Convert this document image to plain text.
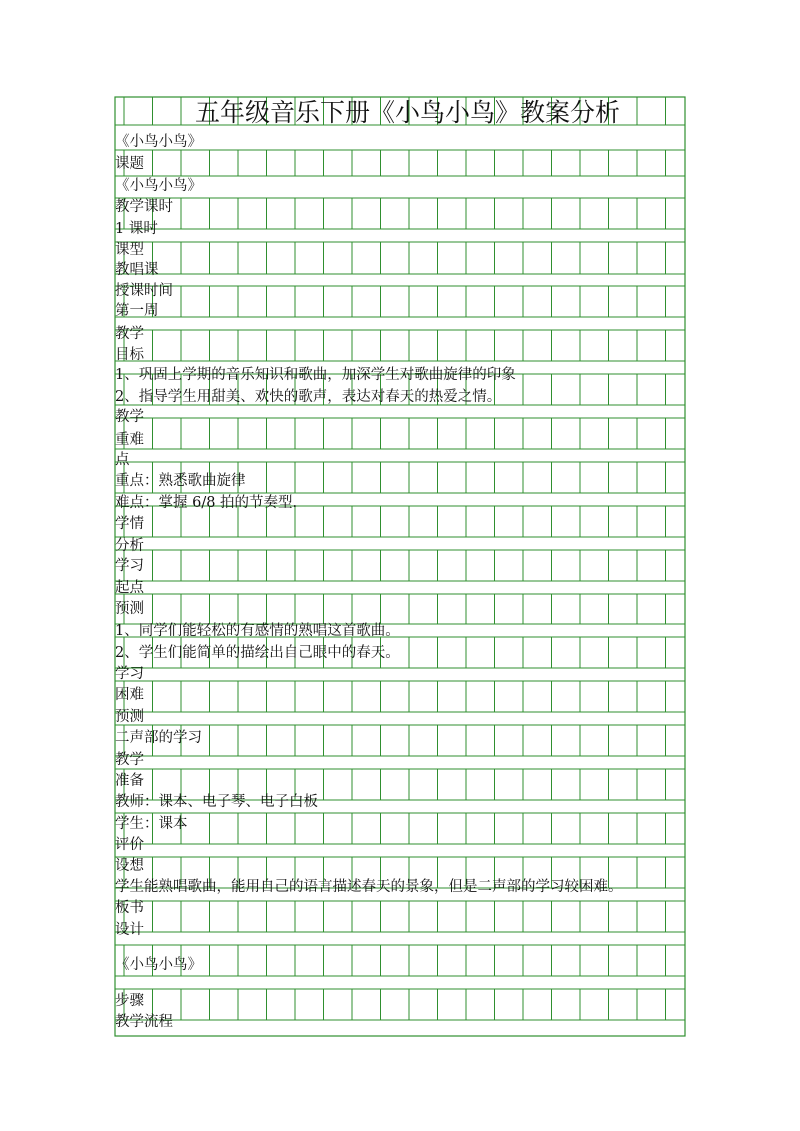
五年级音乐下册《小鸟小鸟》教案分析
《小鸟小鸟》
课题
《小鸟小鸟》
教学课时
1 课时
课型
教唱课
授课时间
第一周
教学
目标
1、巩固上学期的音乐知识和歌曲，加深学生对歌曲旋律的印象
2、指导学生用甜美、欢快的歌声，表达对春天的热爱之情。
教学
重难
点
重点：熟悉歌曲旋律
难点：掌握 6/8 拍的节奏型.
学情
分析
学习
起点
预测
1、同学们能轻松的有感情的熟唱这首歌曲。
2、学生们能简单的描绘出自己眼中的春天。
学习
困难
预测
二声部的学习
教学
准备
教师：课本、电子琴、电子白板
学生：课本
评价
设想
学生能熟唱歌曲，能用自己的语言描述春天的景象，但是二声部的学习较困难。
板书
设计
《小鸟小鸟》
步骤
教学流程
